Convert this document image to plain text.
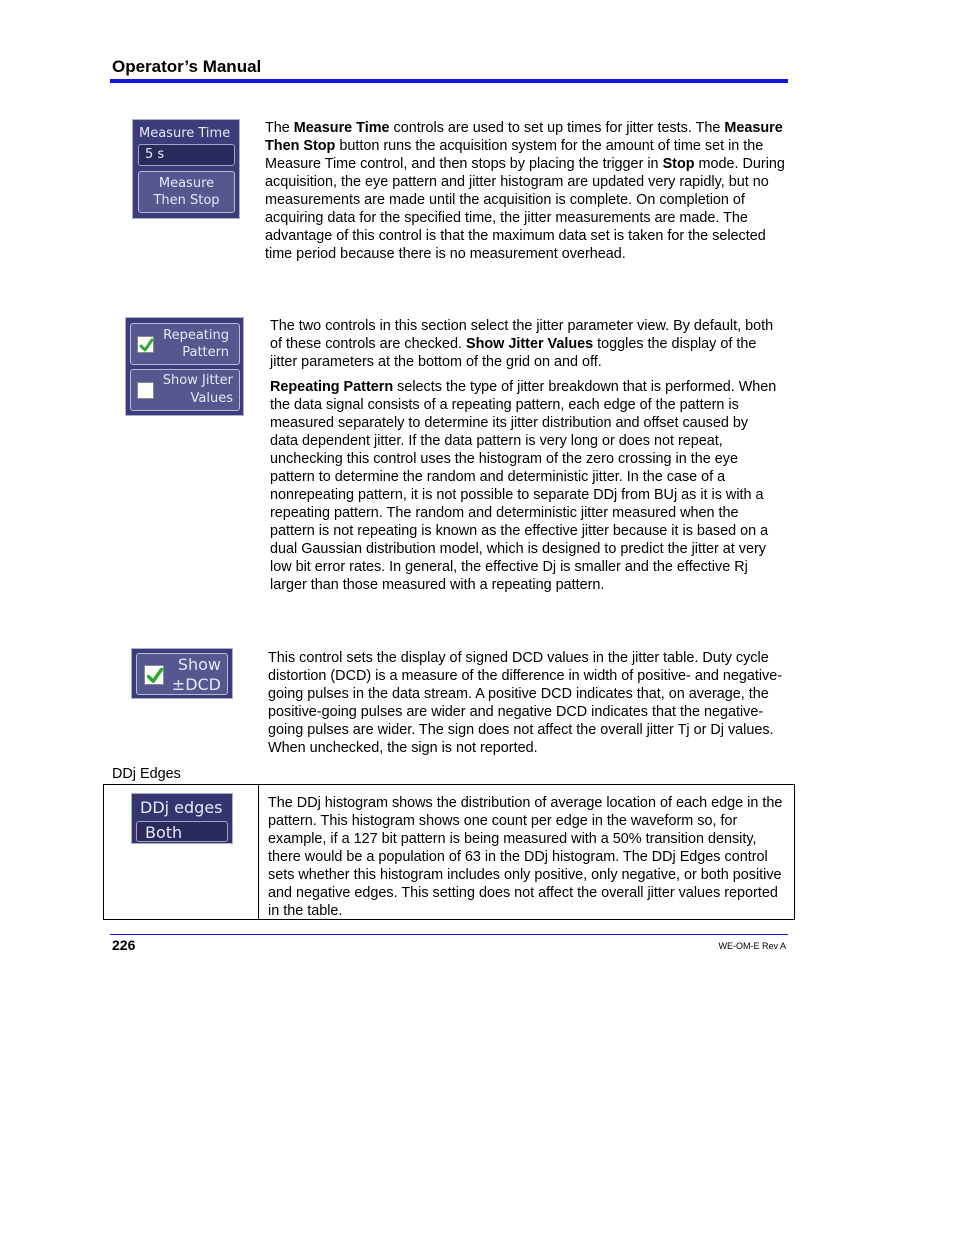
Operator’s Manual
Measure Time
5 s
Measure
Then Stop

The Measure Time controls are used to set up times for jitter tests. The Measure Then Stop button runs the acquisition system for the amount of time set in the Measure Time control, and then stops by placing the trigger in Stop mode. During acquisition, the eye pattern and jitter histogram are updated very rapidly, but no measurements are made until the acquisition is complete. On completion of acquiring data for the specified time, the jitter measurements are made. The advantage of this control is that the maximum data set is taken for the selected time period because there is no measurement overhead.

Repeating
Pattern
Show Jitter
Values

The two controls in this section select the jitter parameter view. By default, both of these controls are checked. Show Jitter Values toggles the display of the jitter parameters at the bottom of the grid on and off.

Repeating Pattern selects the type of jitter breakdown that is performed. When the data signal consists of a repeating pattern, each edge of the pattern is measured separately to determine its jitter distribution and offset caused by data dependent jitter. If the data pattern is very long or does not repeat, unchecking this control uses the histogram of the zero crossing in the eye pattern to determine the random and deterministic jitter. In the case of a nonrepeating pattern, it is not possible to separate DDj from BUj as it is with a repeating pattern. The random and deterministic jitter measured when the pattern is not repeating is known as the effective jitter because it is based on a dual Gaussian distribution model, which is designed to predict the jitter at very low bit error rates. In general, the effective Dj is smaller and the effective Rj larger than those measured with a repeating pattern.

Show
±DCD

This control sets the display of signed DCD values in the jitter table. Duty cycle distortion (DCD) is a measure of the difference in width of positive- and negative-going pulses in the data stream. A positive DCD indicates that, on average, the positive-going pulses are wider and negative DCD indicates that the negative-going pulses are wider. The sign does not affect the overall jitter Tj or Dj values. When unchecked, the sign is not reported.

DDj Edges
DDj edges
Both

The DDj histogram shows the distribution of average location of each edge in the pattern. This histogram shows one count per edge in the waveform so, for example, if a 127 bit pattern is being measured with a 50% transition density, there would be a population of 63 in the DDj histogram. The DDj Edges control sets whether this histogram includes only positive, only negative, or both positive and negative edges. This setting does not affect the overall jitter values reported in the table.

226	WE-OM-E Rev A
